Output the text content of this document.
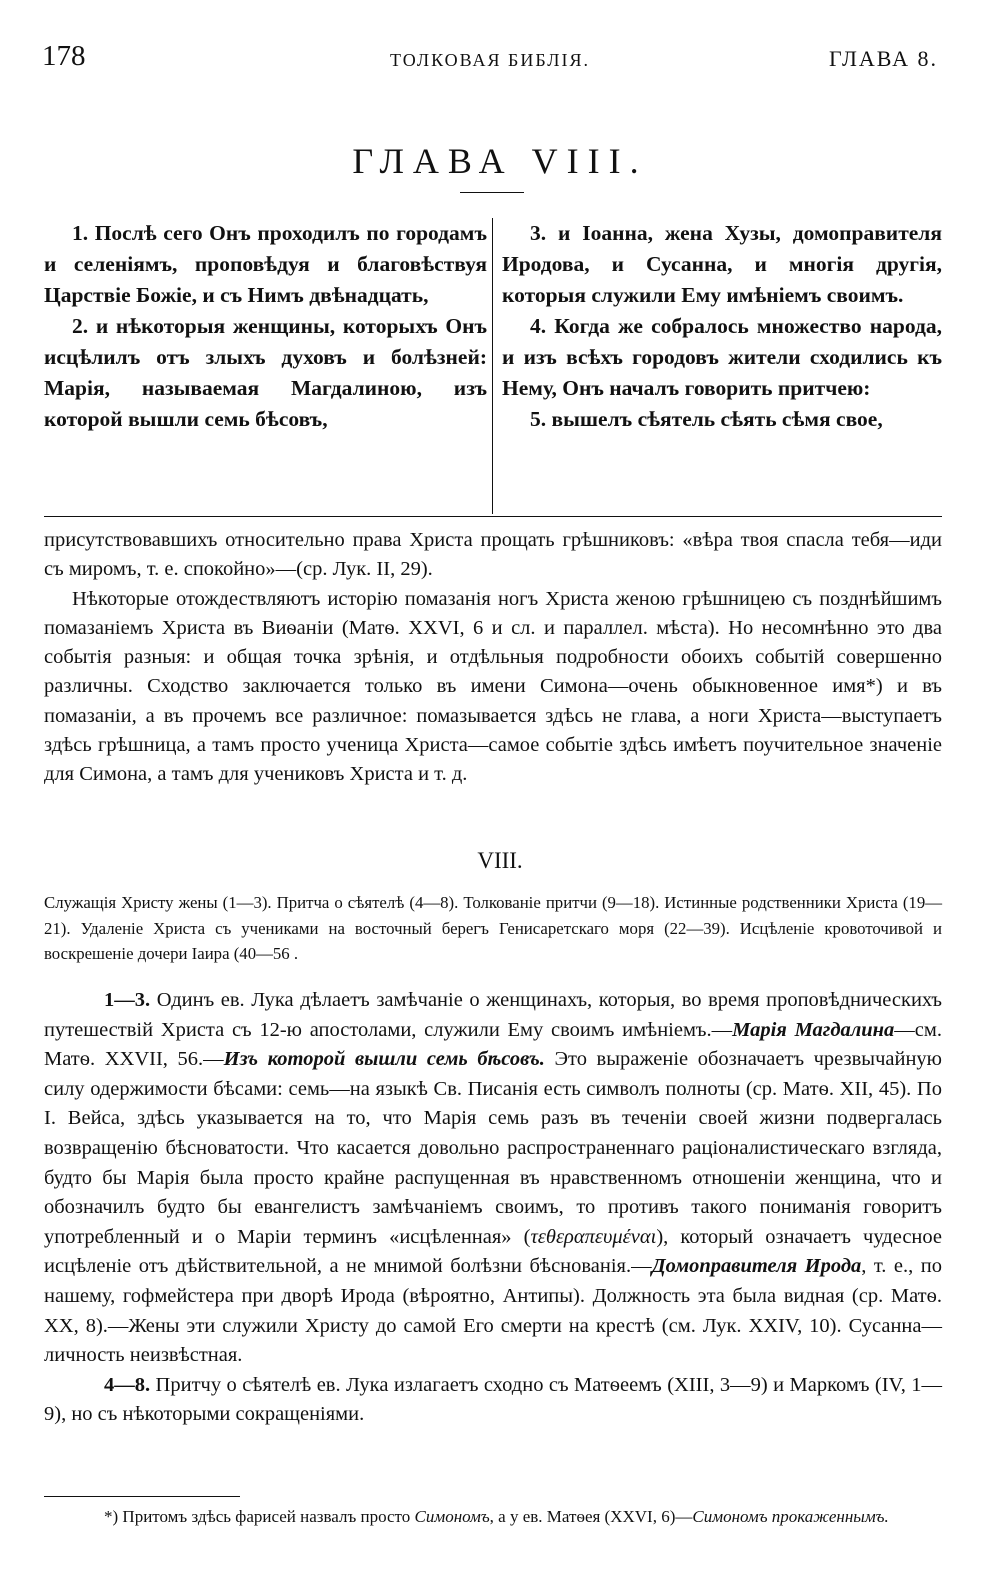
178	ТОЛКОВАЯ БИБЛІЯ.	ГЛАВА 8.
ГЛАВА VIII.

1. Послѣ сего Онъ проходилъ по городамъ и селеніямъ, проповѣдуя и благовѣствуя Царствіе Божіе, и съ Нимъ двѣнадцать,

2. и нѣкоторыя женщины, которыхъ Онъ исцѣлилъ отъ злыхъ духовъ и болѣзней: Марія, называемая Магдалиною, изъ которой вышли семь бѣсовъ,

3. и Іоанна, жена Хузы, домоправителя Иродова, и Сусанна, и многія другія, которыя служили Ему имѣніемъ своимъ.

4. Когда же собралось множество народа, и изъ всѣхъ городовъ жители сходились къ Нему, Онъ началъ говорить притчею:

5. вышелъ сѣятель сѣять сѣмя свое,

присутствовавшихъ относительно права Христа прощать грѣшниковъ: «вѣра твоя спасла тебя—иди съ миромъ, т. е. спокойно»—(ср. Лук. II, 29).

Нѣкоторые отождествляютъ исторію помазанія ногъ Христа женою грѣшницею съ позднѣйшимъ помазаніемъ Христа въ Виѳаніи (Матѳ. XXVI, 6 и сл. и параллел. мѣста). Но несомнѣнно это два событія разныя: и общая точка зрѣнія, и отдѣльныя подробности обоихъ событій совершенно различны. Сходство заключается только въ имени Симона—очень обыкновенное имя*) и въ помазаніи, а въ прочемъ все различное: помазывается здѣсь не глава, а ноги Христа—выступаетъ здѣсь грѣшница, а тамъ просто ученица Христа—самое событіе здѣсь имѣетъ поучительное значеніе для Симона, а тамъ для учениковъ Христа и т. д.

VIII.

Служащія Христу жены (1—3). Притча о сѣятелѣ (4—8). Толкованіе притчи (9—18). Истинные родственники Христа (19—21). Удаленіе Христа съ учениками на восточный берегъ Генисаретскаго моря (22—39). Исцѣленіе кровоточивой и воскрешеніе дочери Іаира (40—56 .

1—3. Одинъ ев. Лука дѣлаетъ замѣчаніе о женщинахъ, которыя, во время проповѣдническихъ путешествій Христа съ 12-ю апостолами, служили Ему своимъ имѣніемъ.—Марія Магдалина—см. Матѳ. XXVII, 56.—Изъ которой вышли семь бѣсовъ. Это выраженіе обозначаетъ чрезвычайную силу одержимости бѣсами: семь—на языкѣ Св. Писанія есть символъ полноты (ср. Матѳ. XII, 45). По І. Вейса, здѣсь указывается на то, что Марія семь разъ въ теченіи своей жизни подвергалась возвращенію бѣсноватости. Что касается довольно распространеннаго раціоналистическаго взгляда, будто бы Марія была просто крайне распущенная въ нравственномъ отношеніи женщина, что и обозначилъ будто бы евангелистъ замѣчаніемъ своимъ, то противъ такого пониманія говоритъ употребленный и о Маріи терминъ «исцѣленная» (τεθεραπευμέναι), который означаетъ чудесное исцѣленіе отъ дѣйствительной, а не мнимой болѣзни бѣснованія.—Домоправителя Ирода, т. е., по нашему, гофмейстера при дворѣ Ирода (вѣроятно, Антипы). Должность эта была видная (ср. Матѳ. XX, 8).—Жены эти служили Христу до самой Его смерти на крестѣ (см. Лук. XXIV, 10). Сусанна—личность неизвѣстная.

4—8. Притчу о сѣятелѣ ев. Лука излагаетъ сходно съ Матѳеемъ (XIII, 3—9) и Маркомъ (IV, 1—9), но съ нѣкоторыми сокращеніями.

*) Притомъ здѣсь фарисей назвалъ просто Симономъ, а у ев. Матѳея (XXVI, 6)—Симономъ прокаженнымъ.
